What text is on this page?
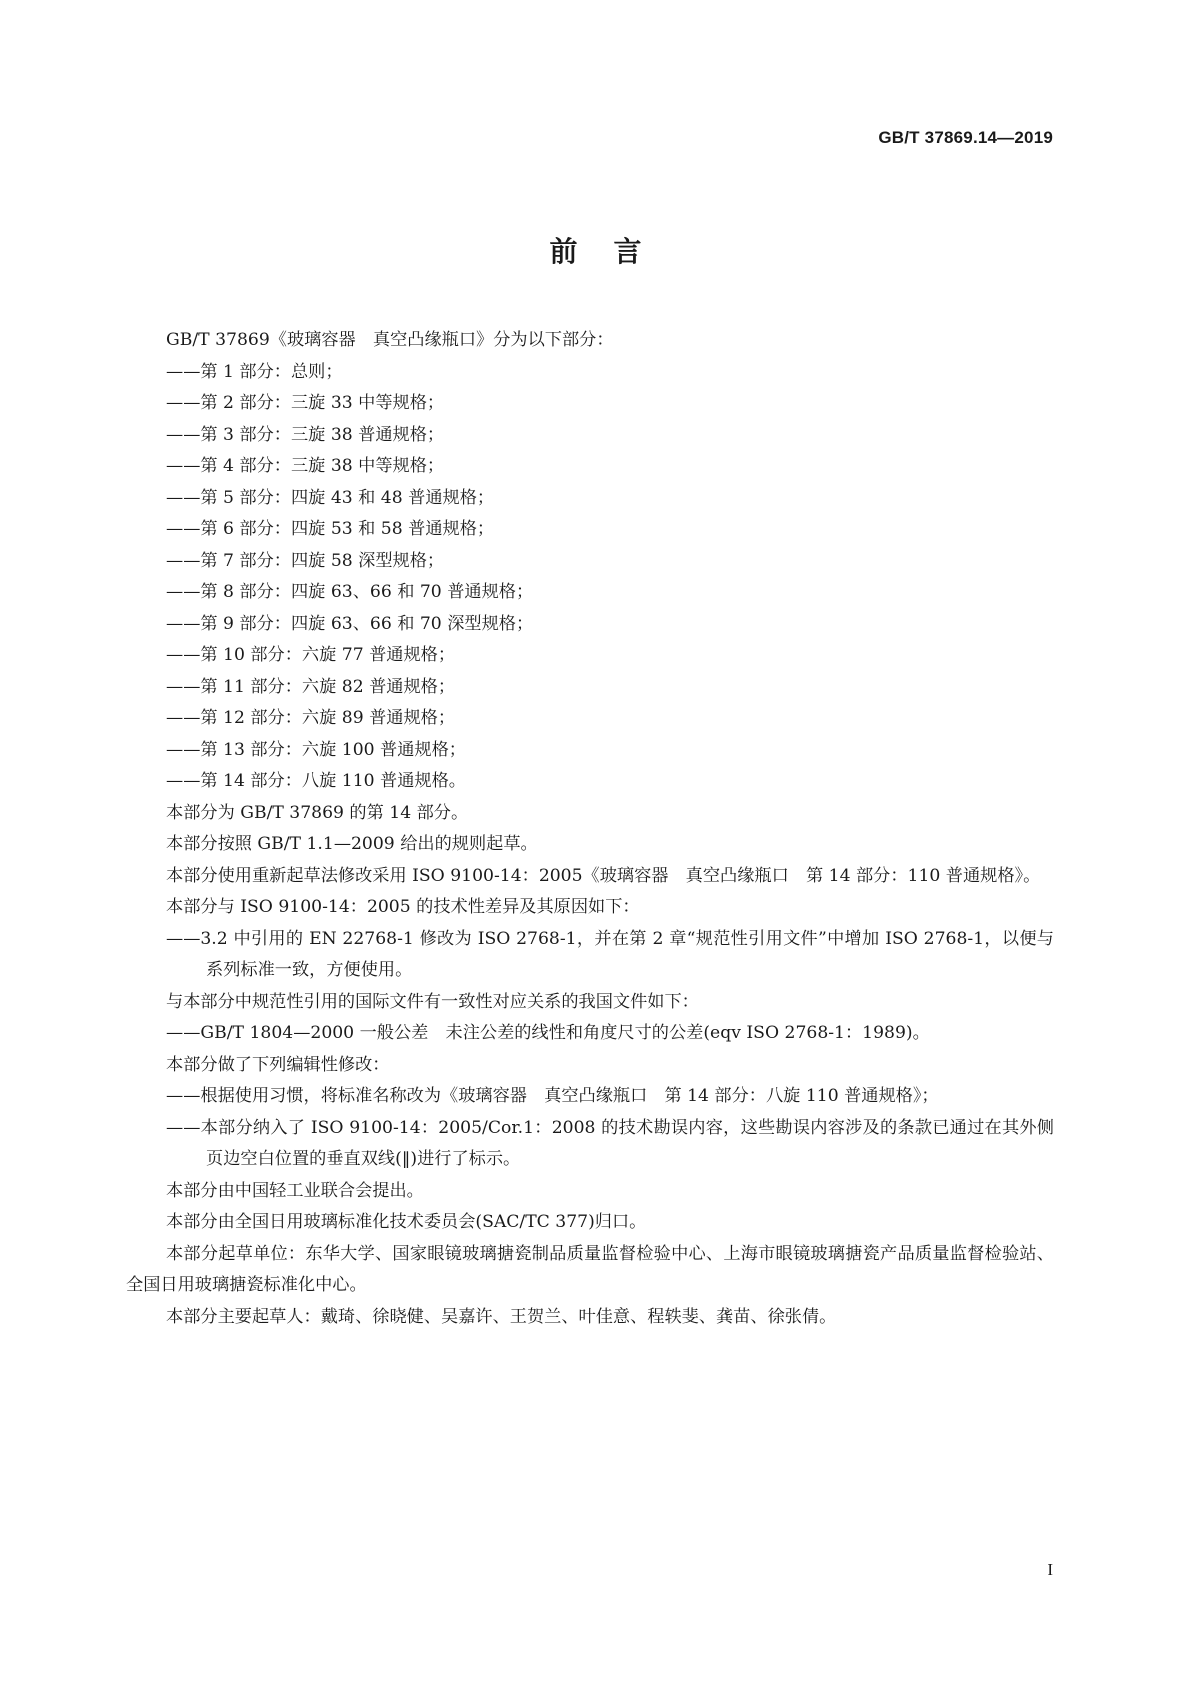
GB/T 37869.14—2019
前言

GB/T 37869《玻璃容器　真空凸缘瓶口》分为以下部分：

——第 1 部分：总则；

——第 2 部分：三旋 33 中等规格；

——第 3 部分：三旋 38 普通规格；

——第 4 部分：三旋 38 中等规格；

——第 5 部分：四旋 43 和 48 普通规格；

——第 6 部分：四旋 53 和 58 普通规格；

——第 7 部分：四旋 58 深型规格；

——第 8 部分：四旋 63、66 和 70 普通规格；

——第 9 部分：四旋 63、66 和 70 深型规格；

——第 10 部分：六旋 77 普通规格；

——第 11 部分：六旋 82 普通规格；

——第 12 部分：六旋 89 普通规格；

——第 13 部分：六旋 100 普通规格；

——第 14 部分：八旋 110 普通规格。

本部分为 GB/T 37869 的第 14 部分。

本部分按照 GB/T 1.1—2009 给出的规则起草。

本部分使用重新起草法修改采用 ISO 9100-14：2005《玻璃容器　真空凸缘瓶口　第 14 部分：110 普通规格》。

本部分与 ISO 9100-14：2005 的技术性差异及其原因如下：

——3.2 中引用的 EN 22768-1 修改为 ISO 2768-1，并在第 2 章“规范性引用文件”中增加 ISO 2768-1，以便与系列标准一致，方便使用。

与本部分中规范性引用的国际文件有一致性对应关系的我国文件如下：

——GB/T 1804—2000 一般公差　未注公差的线性和角度尺寸的公差(eqv ISO 2768-1：1989)。

本部分做了下列编辑性修改：

——根据使用习惯，将标准名称改为《玻璃容器　真空凸缘瓶口　第 14 部分：八旋 110 普通规格》；

——本部分纳入了 ISO 9100-14：2005/Cor.1：2008 的技术勘误内容，这些勘误内容涉及的条款已通过在其外侧页边空白位置的垂直双线(‖)进行了标示。

本部分由中国轻工业联合会提出。

本部分由全国日用玻璃标准化技术委员会(SAC/TC 377)归口。

本部分起草单位：东华大学、国家眼镜玻璃搪瓷制品质量监督检验中心、上海市眼镜玻璃搪瓷产品质量监督检验站、全国日用玻璃搪瓷标准化中心。

本部分主要起草人：戴琦、徐晓健、吴嘉许、王贺兰、叶佳意、程轶斐、龚苗、徐张倩。

I
